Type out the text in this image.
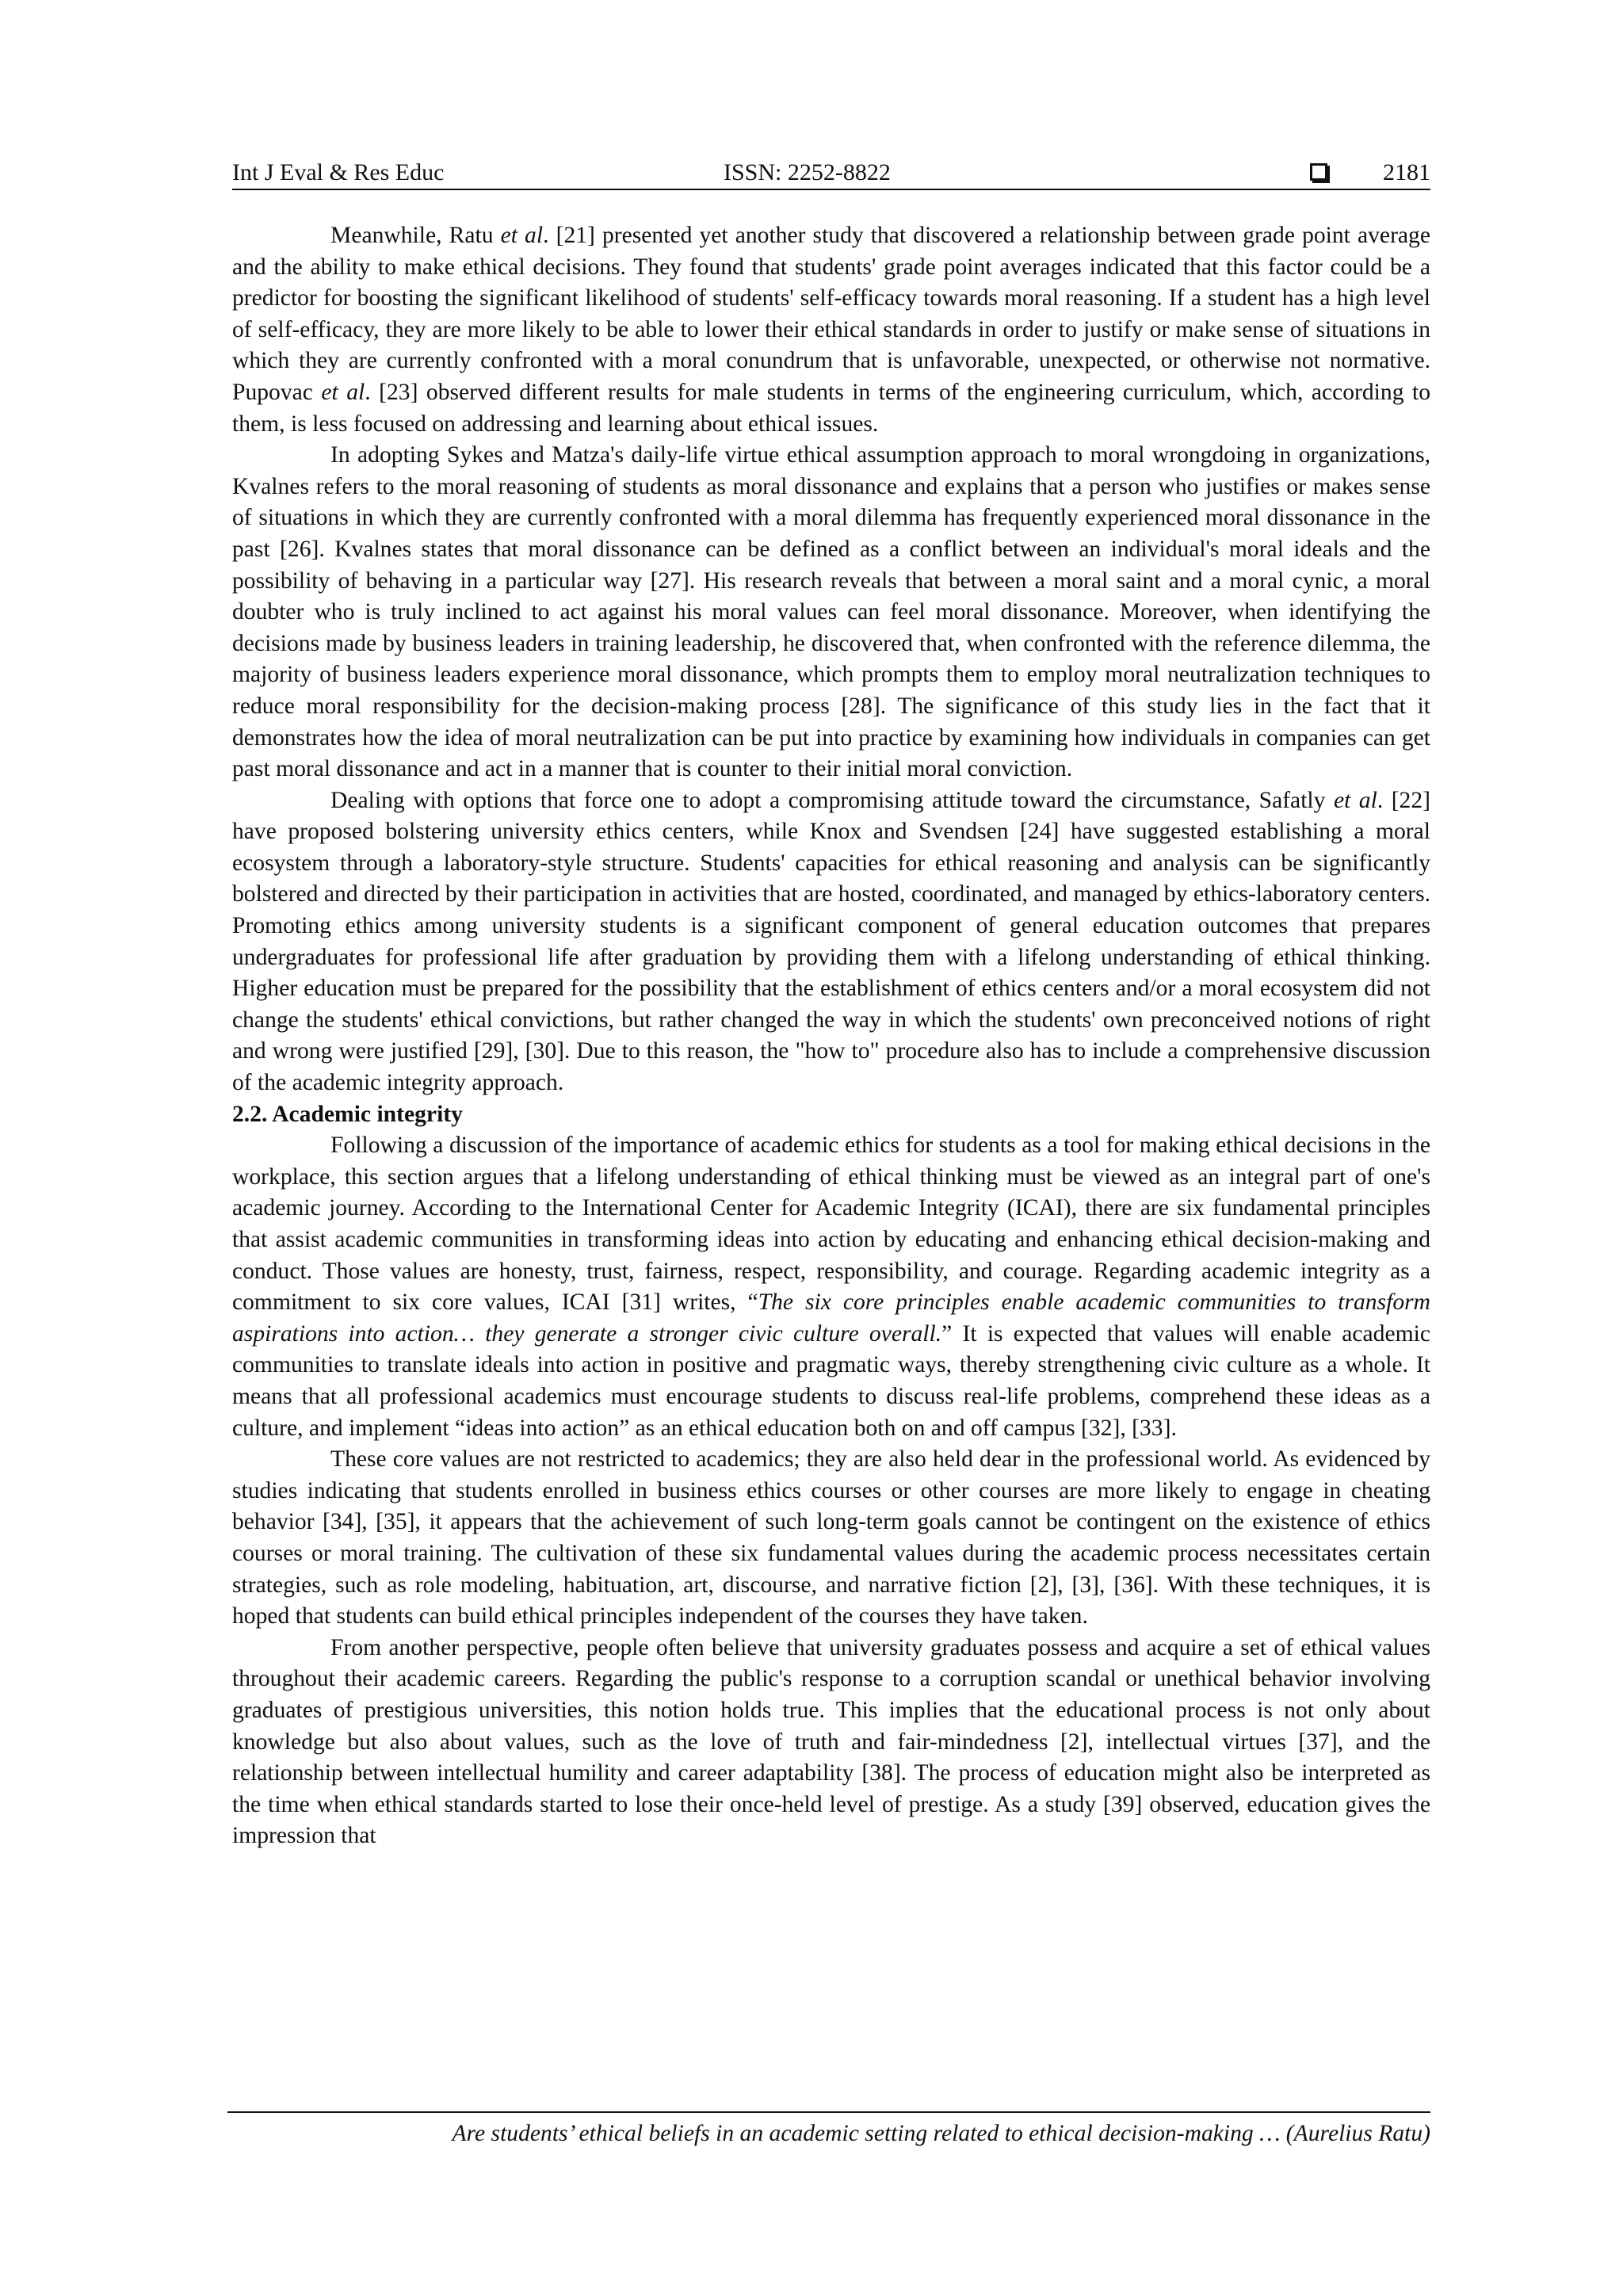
Int J Eval & Res Educ	ISSN: 2252-8822	2181

Meanwhile, Ratu et al. [21] presented yet another study that discovered a relationship between grade point average and the ability to make ethical decisions. They found that students' grade point averages indicated that this factor could be a predictor for boosting the significant likelihood of students' self-efficacy towards moral reasoning. If a student has a high level of self-efficacy, they are more likely to be able to lower their ethical standards in order to justify or make sense of situations in which they are currently confronted with a moral conundrum that is unfavorable, unexpected, or otherwise not normative. Pupovac et al. [23] observed different results for male students in terms of the engineering curriculum, which, according to them, is less focused on addressing and learning about ethical issues.

In adopting Sykes and Matza's daily-life virtue ethical assumption approach to moral wrongdoing in organizations, Kvalnes refers to the moral reasoning of students as moral dissonance and explains that a person who justifies or makes sense of situations in which they are currently confronted with a moral dilemma has frequently experienced moral dissonance in the past [26]. Kvalnes states that moral dissonance can be defined as a conflict between an individual's moral ideals and the possibility of behaving in a particular way [27]. His research reveals that between a moral saint and a moral cynic, a moral doubter who is truly inclined to act against his moral values can feel moral dissonance. Moreover, when identifying the decisions made by business leaders in training leadership, he discovered that, when confronted with the reference dilemma, the majority of business leaders experience moral dissonance, which prompts them to employ moral neutralization techniques to reduce moral responsibility for the decision-making process [28]. The significance of this study lies in the fact that it demonstrates how the idea of moral neutralization can be put into practice by examining how individuals in companies can get past moral dissonance and act in a manner that is counter to their initial moral conviction.

Dealing with options that force one to adopt a compromising attitude toward the circumstance, Safatly et al. [22] have proposed bolstering university ethics centers, while Knox and Svendsen [24] have suggested establishing a moral ecosystem through a laboratory-style structure. Students' capacities for ethical reasoning and analysis can be significantly bolstered and directed by their participation in activities that are hosted, coordinated, and managed by ethics-laboratory centers. Promoting ethics among university students is a significant component of general education outcomes that prepares undergraduates for professional life after graduation by providing them with a lifelong understanding of ethical thinking. Higher education must be prepared for the possibility that the establishment of ethics centers and/or a moral ecosystem did not change the students' ethical convictions, but rather changed the way in which the students' own preconceived notions of right and wrong were justified [29], [30]. Due to this reason, the "how to" procedure also has to include a comprehensive discussion of the academic integrity approach.

2.2. Academic integrity

Following a discussion of the importance of academic ethics for students as a tool for making ethical decisions in the workplace, this section argues that a lifelong understanding of ethical thinking must be viewed as an integral part of one's academic journey. According to the International Center for Academic Integrity (ICAI), there are six fundamental principles that assist academic communities in transforming ideas into action by educating and enhancing ethical decision-making and conduct. Those values are honesty, trust, fairness, respect, responsibility, and courage. Regarding academic integrity as a commitment to six core values, ICAI [31] writes, “The six core principles enable academic communities to transform aspirations into action… they generate a stronger civic culture overall.” It is expected that values will enable academic communities to translate ideals into action in positive and pragmatic ways, thereby strengthening civic culture as a whole. It means that all professional academics must encourage students to discuss real-life problems, comprehend these ideas as a culture, and implement “ideas into action” as an ethical education both on and off campus [32], [33].

These core values are not restricted to academics; they are also held dear in the professional world. As evidenced by studies indicating that students enrolled in business ethics courses or other courses are more likely to engage in cheating behavior [34], [35], it appears that the achievement of such long-term goals cannot be contingent on the existence of ethics courses or moral training. The cultivation of these six fundamental values during the academic process necessitates certain strategies, such as role modeling, habituation, art, discourse, and narrative fiction [2], [3], [36]. With these techniques, it is hoped that students can build ethical principles independent of the courses they have taken.

From another perspective, people often believe that university graduates possess and acquire a set of ethical values throughout their academic careers. Regarding the public's response to a corruption scandal or unethical behavior involving graduates of prestigious universities, this notion holds true. This implies that the educational process is not only about knowledge but also about values, such as the love of truth and fair-mindedness [2], intellectual virtues [37], and the relationship between intellectual humility and career adaptability [38]. The process of education might also be interpreted as the time when ethical standards started to lose their once-held level of prestige. As a study [39] observed, education gives the impression that

Are students’ ethical beliefs in an academic setting related to ethical decision-making … (Aurelius Ratu)
